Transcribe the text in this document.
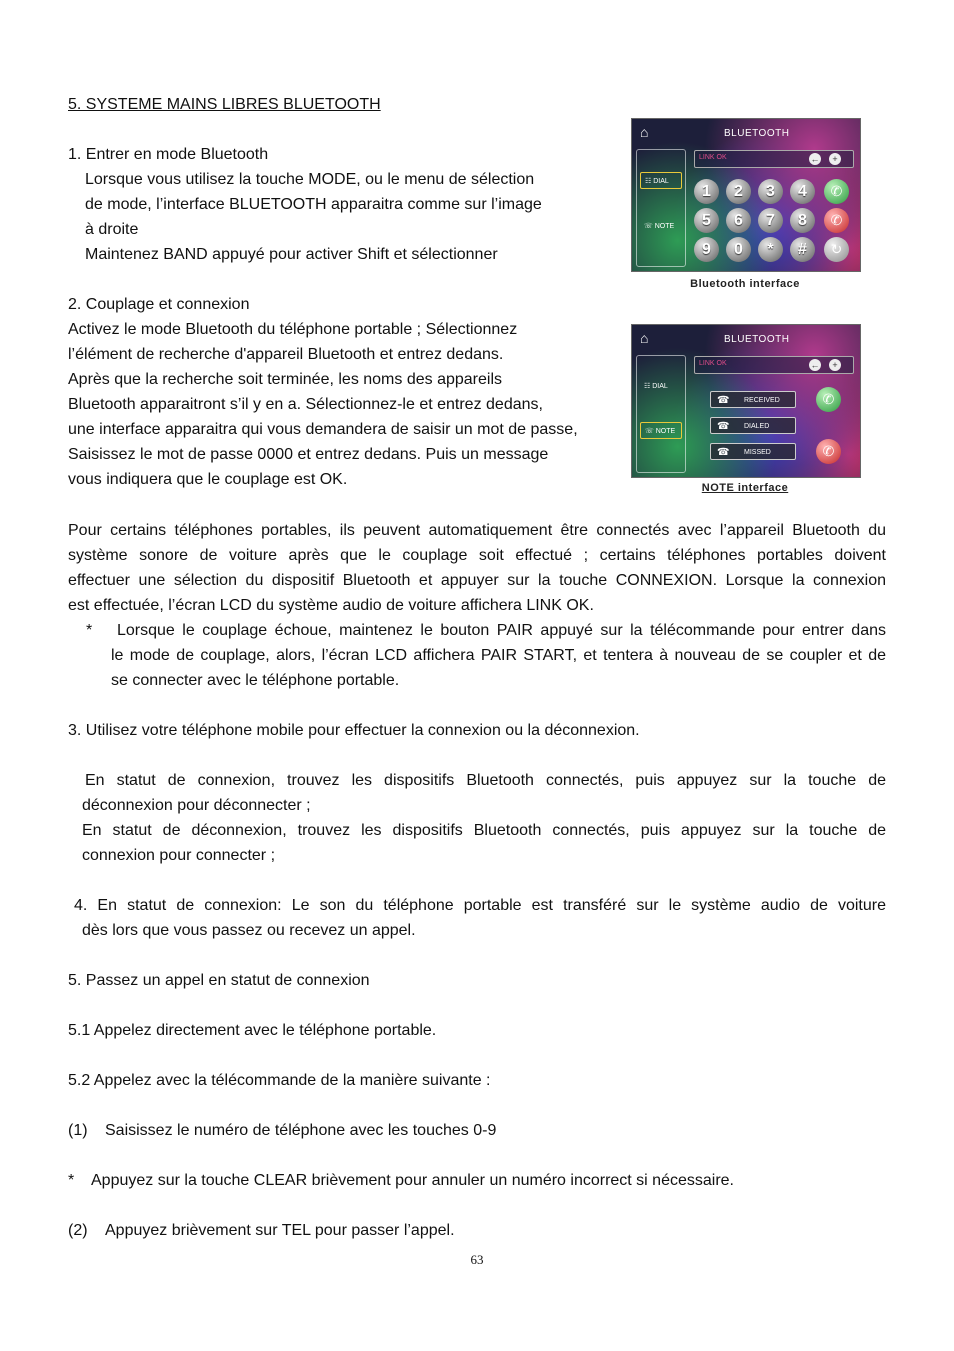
5. SYSTEME MAINS LIBRES BLUETOOTH
1. Entrer en mode Bluetooth
Lorsque vous utilisez la touche MODE, ou le menu de sélection
de mode, l’interface BLUETOOTH apparaitra comme sur l’image
à droite
Maintenez BAND appuyé pour activer Shift et sélectionner
2. Couplage et connexion
Activez le mode Bluetooth du téléphone portable ; Sélectionnez
l’élément de recherche d'appareil Bluetooth et entrez dedans.
Après que la recherche soit terminée, les noms des appareils
Bluetooth apparaitront s’il y en a. Sélectionnez-le et entrez dedans,
une interface apparaitra qui vous demandera de saisir un mot de passe,
Saisissez le mot de passe 0000 et entrez dedans. Puis un message
vous indiquera que le couplage est OK.
⌂	BLUETOOTH
☷ DIAL
☏ NOTE
LINK OK	←	+
1	2	3	4	✆
5	6	7	8	✆
9	0	*	#	↻
Bluetooth interface
⌂	BLUETOOTH
☷ DIAL
☏ NOTE
LINK OK	←	+
☎ RECEIVED
☎ DIALED
☎ MISSED
✆
✆
NOTE interface
Pour certains téléphones portables, ils peuvent automatiquement être connectés avec l’appareil Bluetooth du
système sonore de voiture après que le couplage soit effectué ; certains téléphones portables doivent
effectuer une sélection du dispositif Bluetooth et appuyer sur la touche CONNEXION. Lorsque la connexion
est effectuée, l’écran LCD du système audio de voiture affichera LINK OK.
*	Lorsque le couplage échoue, maintenez le bouton PAIR appuyé sur la télécommande pour entrer dans
le mode de couplage, alors, l’écran LCD affichera PAIR START, et tentera à nouveau de se coupler et de
se connecter avec le téléphone portable.
3. Utilisez votre téléphone mobile pour effectuer la connexion ou la déconnexion.
En statut de connexion, trouvez les dispositifs Bluetooth connectés, puis appuyez sur la touche de
déconnexion pour déconnecter ;
En statut de déconnexion, trouvez les dispositifs Bluetooth connectés, puis appuyez sur la touche de
connexion pour connecter ;
4. En statut de connexion: Le son du téléphone portable est transféré sur le système audio de voiture
dès lors que vous passez ou recevez un appel.
5. Passez un appel en statut de connexion
5.1 Appelez directement avec le téléphone portable.
5.2 Appelez avec la télécommande de la manière suivante :
(1) Saisissez le numéro de téléphone avec les touches 0-9
* Appuyez sur la touche CLEAR brièvement pour annuler un numéro incorrect si nécessaire.
(2) Appuyez brièvement sur TEL pour passer l’appel.
63
